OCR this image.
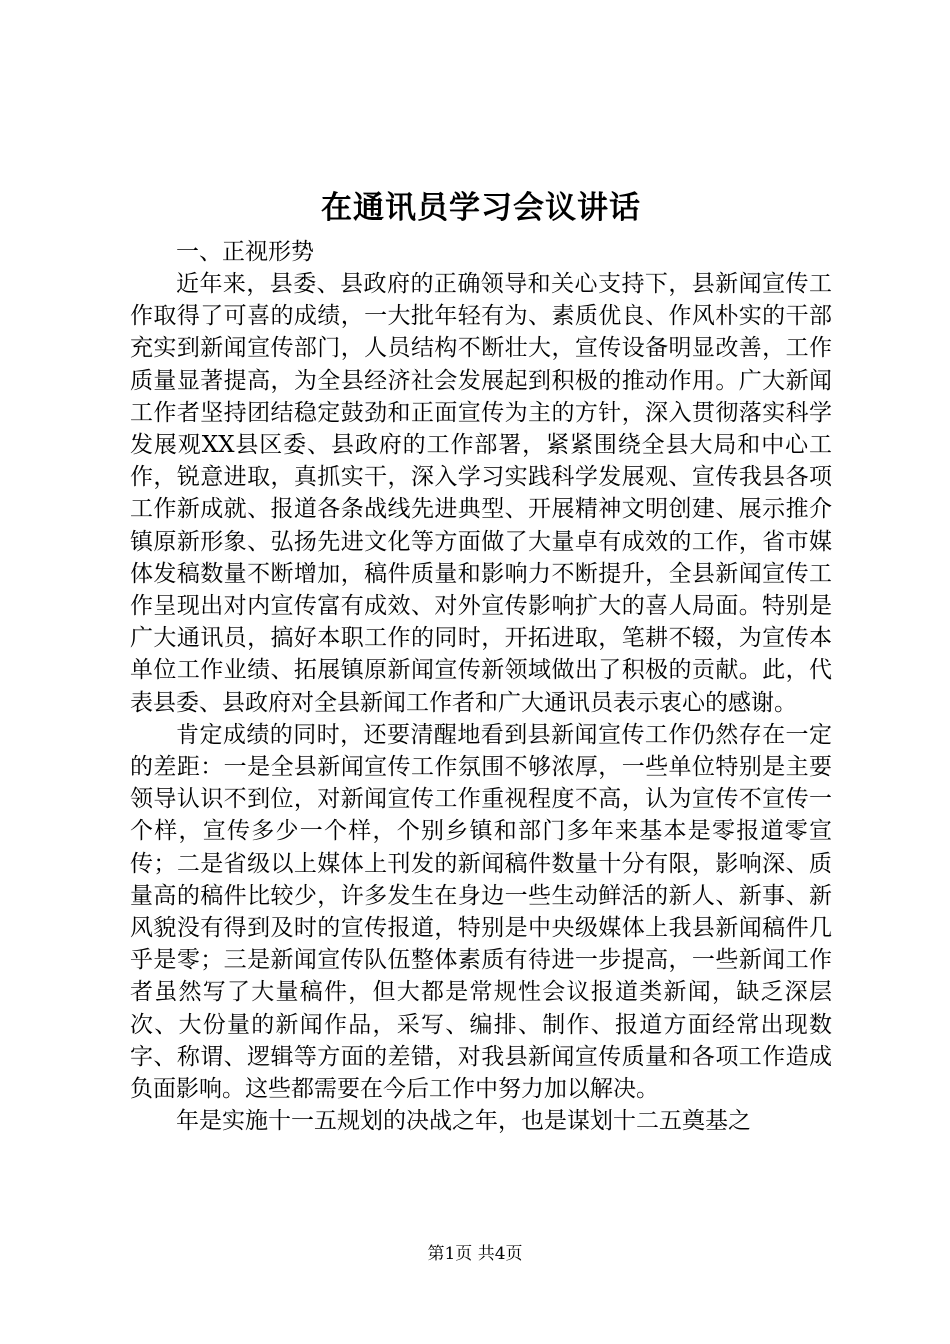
在通讯员学习会议讲话

一、正视形势

近年来，县委、县政府的正确领导和关心支持下，县新闻宣传工作取得了可喜的成绩，一大批年轻有为、素质优良、作风朴实的干部充实到新闻宣传部门，人员结构不断壮大，宣传设备明显改善，工作质量显著提高，为全县经济社会发展起到积极的推动作用。广大新闻工作者坚持团结稳定鼓劲和正面宣传为主的方针，深入贯彻落实科学发展观XX县区委、县政府的工作部署，紧紧围绕全县大局和中心工作，锐意进取，真抓实干，深入学习实践科学发展观、宣传我县各项工作新成就、报道各条战线先进典型、开展精神文明创建、展示推介镇原新形象、弘扬先进文化等方面做了大量卓有成效的工作，省市媒体发稿数量不断增加，稿件质量和影响力不断提升，全县新闻宣传工作呈现出对内宣传富有成效、对外宣传影响扩大的喜人局面。特别是广大通讯员，搞好本职工作的同时，开拓进取，笔耕不辍，为宣传本单位工作业绩、拓展镇原新闻宣传新领域做出了积极的贡献。此，代表县委、县政府对全县新闻工作者和广大通讯员表示衷心的感谢。

肯定成绩的同时，还要清醒地看到县新闻宣传工作仍然存在一定的差距：一是全县新闻宣传工作氛围不够浓厚，一些单位特别是主要领导认识不到位，对新闻宣传工作重视程度不高，认为宣传不宣传一个样，宣传多少一个样，个别乡镇和部门多年来基本是零报道零宣传；二是省级以上媒体上刊发的新闻稿件数量十分有限，影响深、质量高的稿件比较少，许多发生在身边一些生动鲜活的新人、新事、新风貌没有得到及时的宣传报道，特别是中央级媒体上我县新闻稿件几乎是零；三是新闻宣传队伍整体素质有待进一步提高，一些新闻工作者虽然写了大量稿件，但大都是常规性会议报道类新闻，缺乏深层次、大份量的新闻作品，采写、编排、制作、报道方面经常出现数字、称谓、逻辑等方面的差错，对我县新闻宣传质量和各项工作造成负面影响。这些都需要在今后工作中努力加以解决。

年是实施十一五规划的决战之年，也是谋划十二五奠基之

第1页 共4页
